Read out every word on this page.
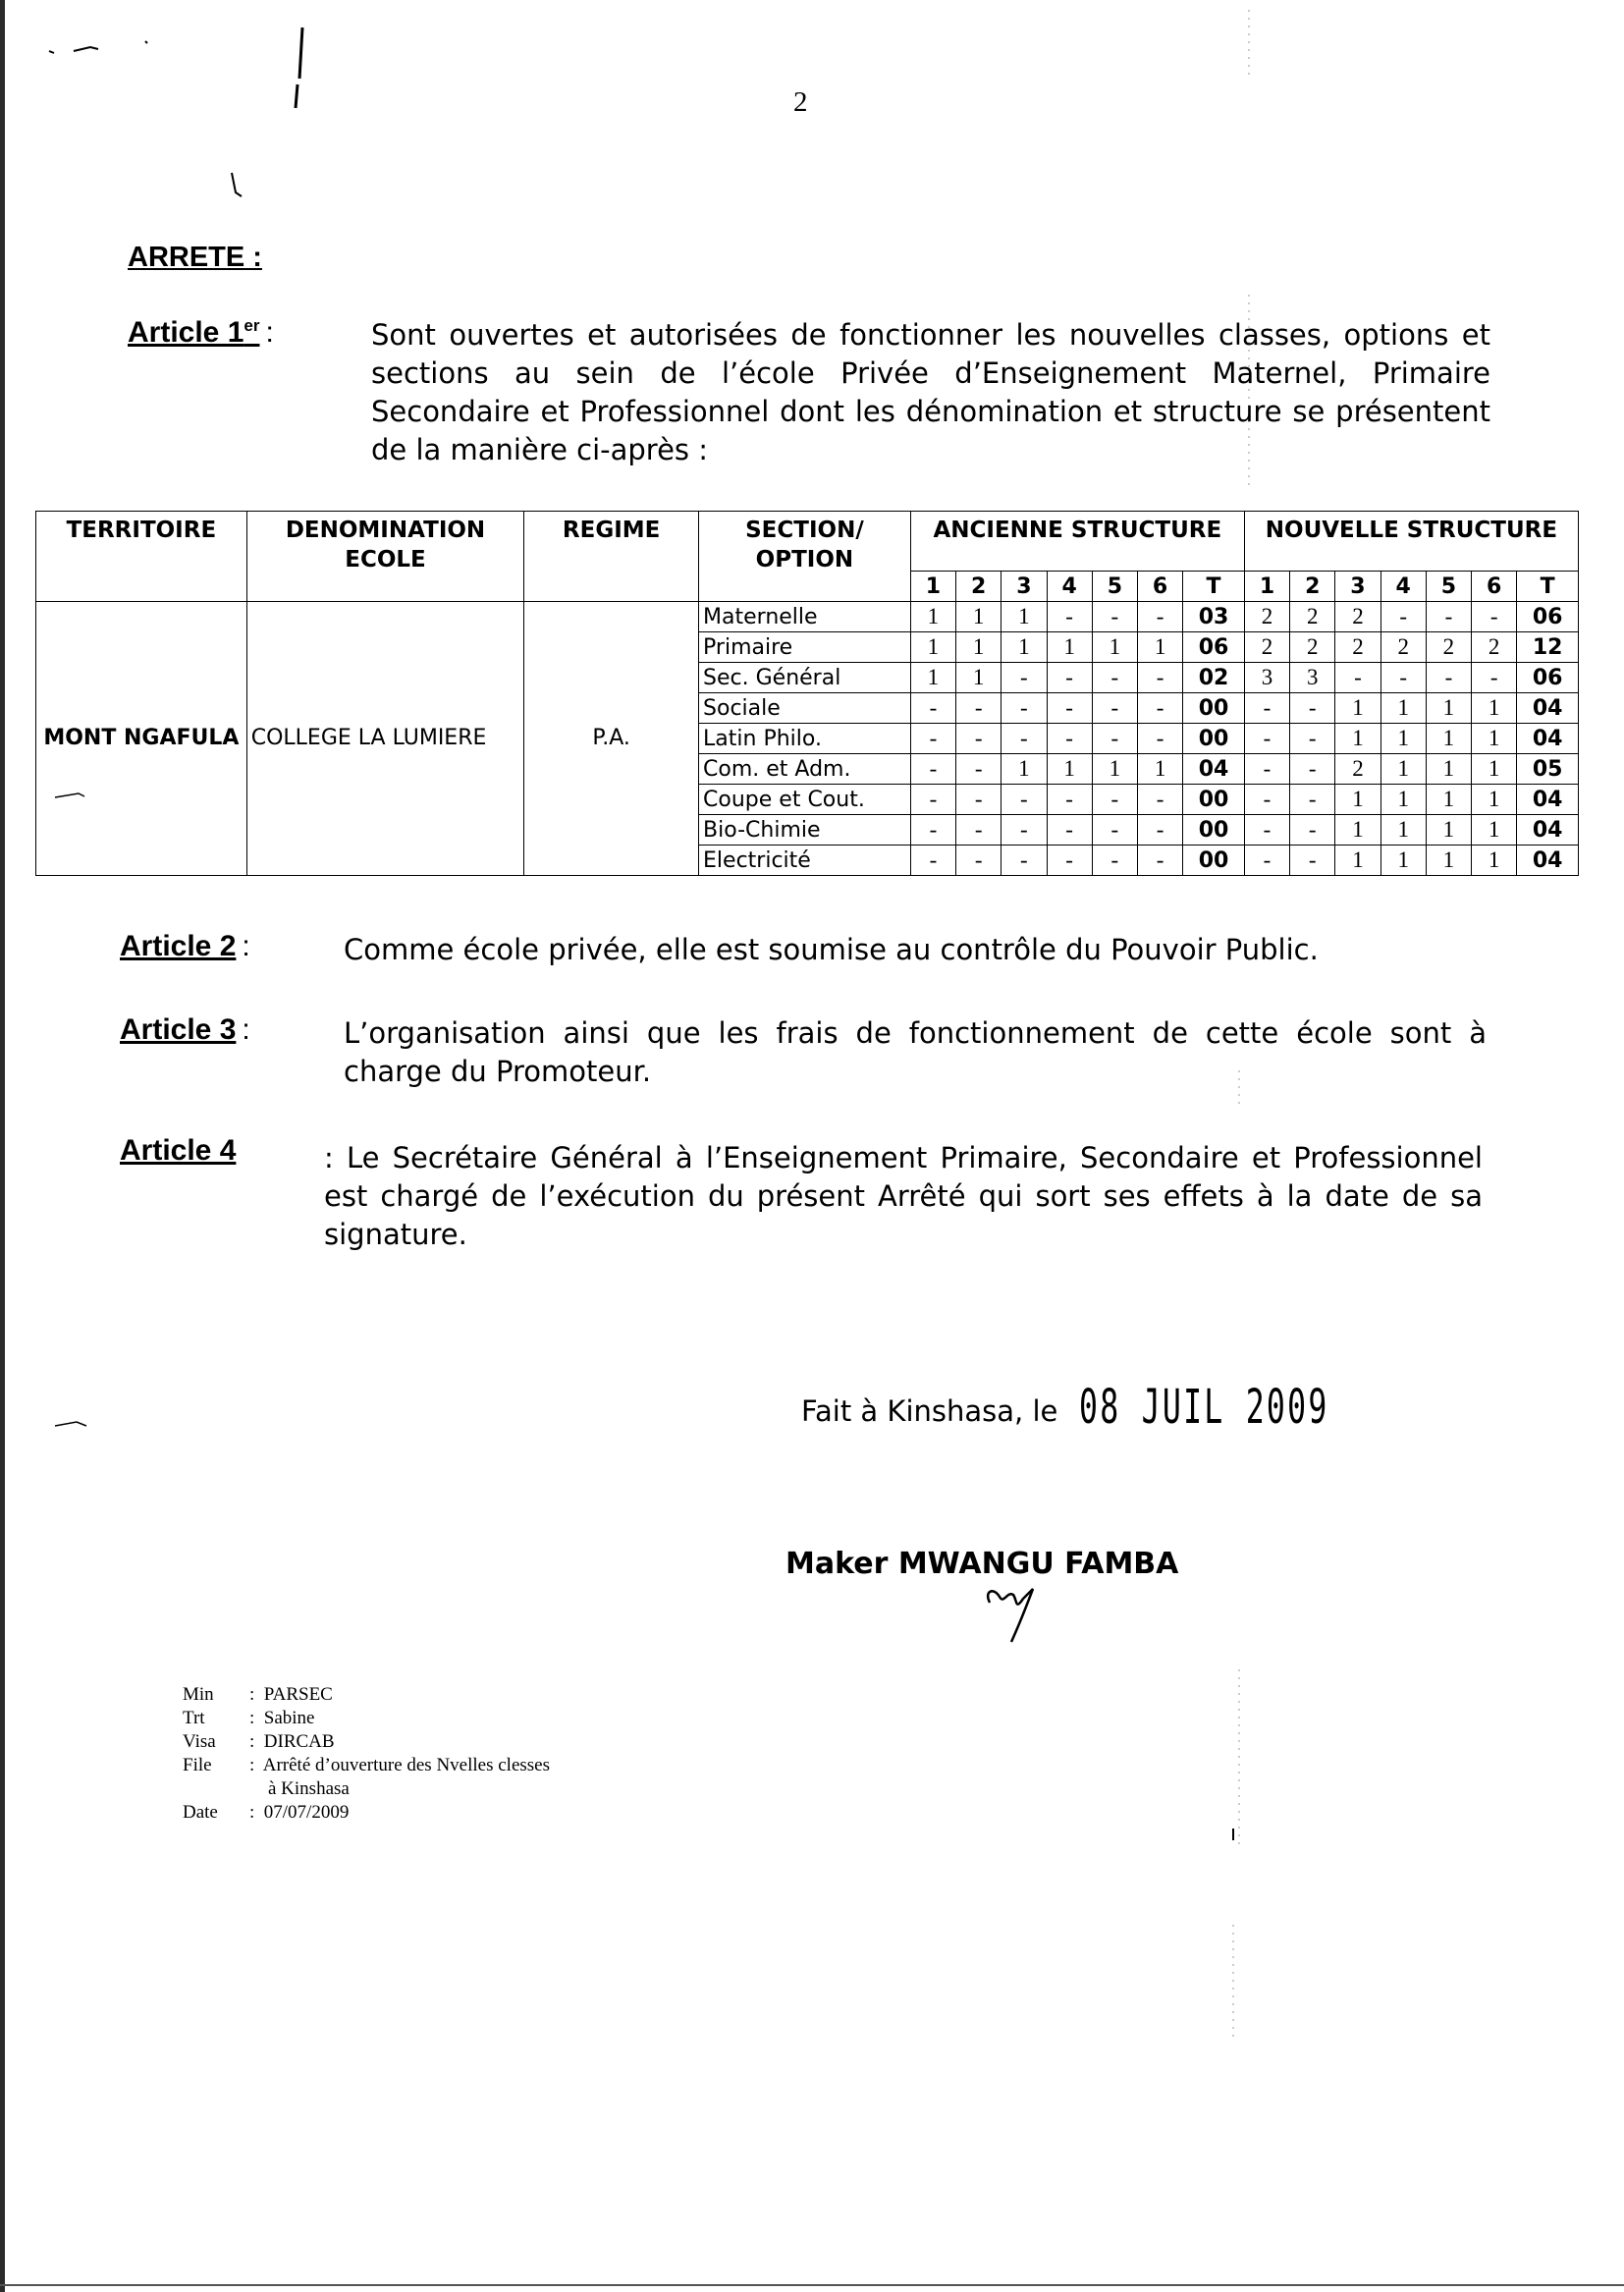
2
ARRETE :
Article 1er :	Sont ouvertes et autorisées de fonctionner les nouvelles classes, options et sections au sein de l’école Privée d’Enseignement Maternel, Primaire Secondaire et Professionnel dont les dénomination et structure se présentent de la manière ci-après :
TERRITOIRE	DENOMINATION ECOLE	REGIME	SECTION/ OPTION	ANCIENNE STRUCTURE							NOUVELLE STRUCTURE						
				1	2	3	4	5	6	T	1	2	3	4	5	6	T
MONT NGAFULA	COLLEGE LA LUMIERE	P.A.	Maternelle	1	1	1	-	-	-	03	2	2	2	-	-	-	06
			Primaire	1	1	1	1	1	1	06	2	2	2	2	2	2	12
			Sec. Général	1	1	-	-	-	-	02	3	3	-	-	-	-	06
			Sociale	-	-	-	-	-	-	00	-	-	1	1	1	1	04
			Latin Philo.	-	-	-	-	-	-	00	-	-	1	1	1	1	04
			Com. et Adm.	-	-	1	1	1	1	04	-	-	2	1	1	1	05
			Coupe et Cout.	-	-	-	-	-	-	00	-	-	1	1	1	1	04
			Bio-Chimie	-	-	-	-	-	-	00	-	-	1	1	1	1	04
			Electricité	-	-	-	-	-	-	00	-	-	1	1	1	1	04
Article 2 :	Comme école privée, elle est soumise au contrôle du Pouvoir Public.
Article 3 :	L’organisation ainsi que les frais de fonctionnement de cette école sont à charge du Promoteur.
Article 4	: Le Secrétaire Général à l’Enseignement Primaire, Secondaire et Professionnel est chargé de l’exécution du présent Arrêté qui sort ses effets à la date de sa signature.
Fait à Kinshasa, le 08 JUIL 2009
Maker MWANGU FAMBA
Min	:  PARSEC
Trt	:  Sabine
Visa	:  DIRCAB
File	:  Arrêté d’ouverture des Nvelles clesses
à Kinshasa
Date	:  07/07/2009
